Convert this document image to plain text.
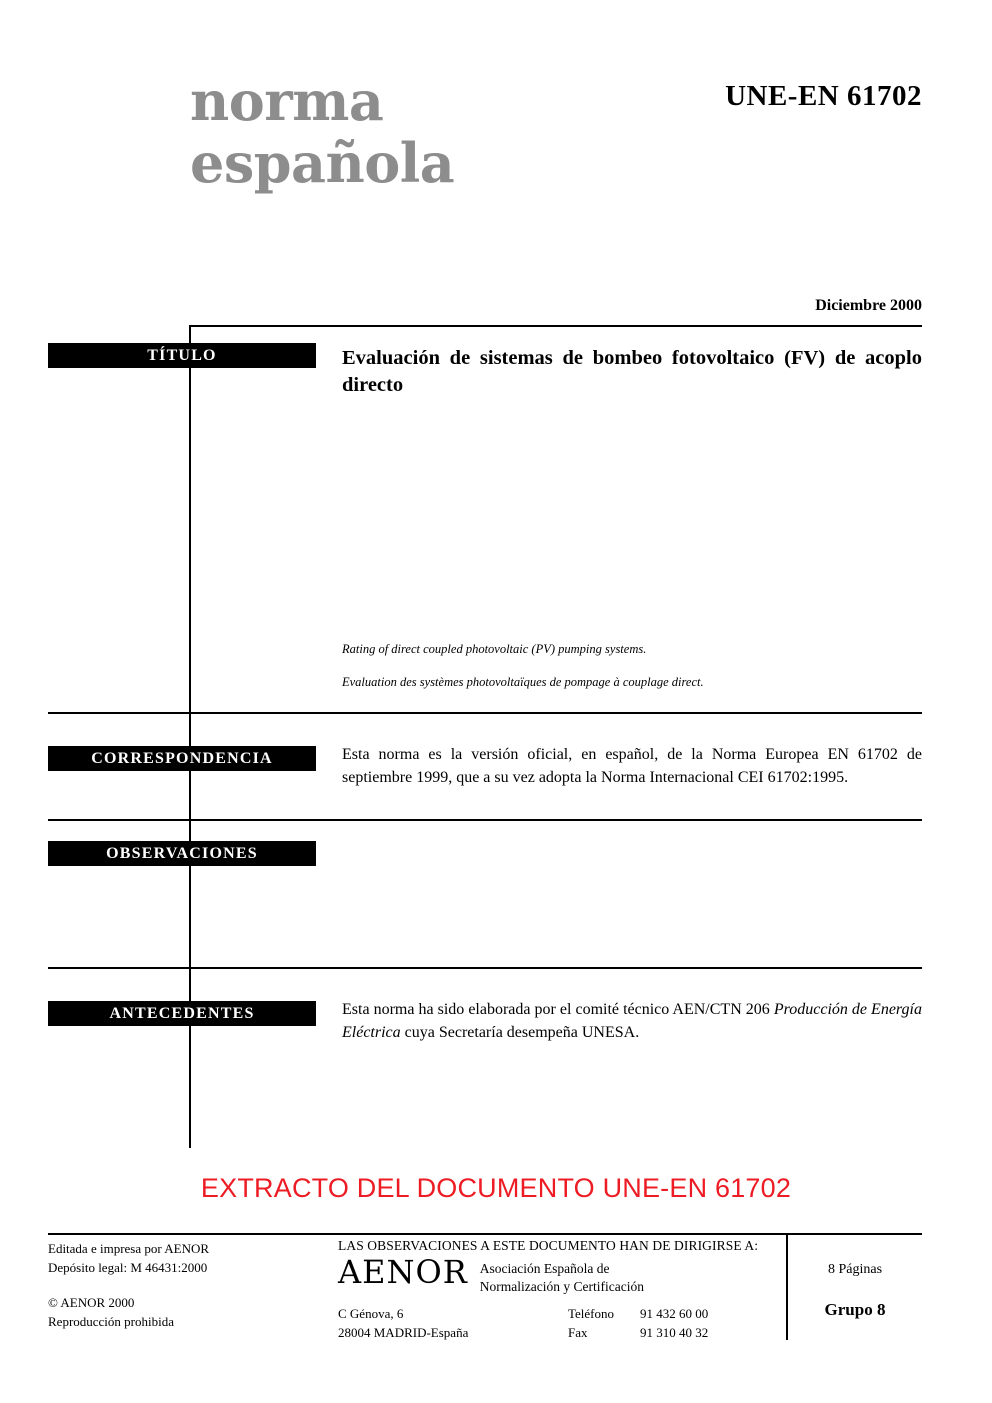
norma
española
UNE-EN 61702
Diciembre 2000
TÍTULO	Evaluación de sistemas de bombeo fotovoltaico (FV) de acoplo directo
Rating of direct coupled photovoltaic (PV) pumping systems.
Evaluation des systèmes photovoltaïques de pompage à couplage direct.
CORRESPONDENCIA	Esta norma es la versión oficial, en español, de la Norma Europea EN 61702 de septiembre 1999, que a su vez adopta la Norma Internacional CEI 61702:1995.
OBSERVACIONES
ANTECEDENTES	Esta norma ha sido elaborada por el comité técnico AEN/CTN 206 Producción de Energía Eléctrica cuya Secretaría desempeña UNESA.
EXTRACTO DEL DOCUMENTO UNE-EN 61702
Editada e impresa por AENOR
Depósito legal: M 46431:2000
© AENOR 2000
Reproducción prohibida
LAS OBSERVACIONES A ESTE DOCUMENTO HAN DE DIRIGIRSE A:
AENOR Asociación Española de
Normalización y Certificación
C Génova, 6	Teléfono	91 432 60 00
28004 MADRID-España	Fax	91 310 40 32
8 Páginas
Grupo 8
